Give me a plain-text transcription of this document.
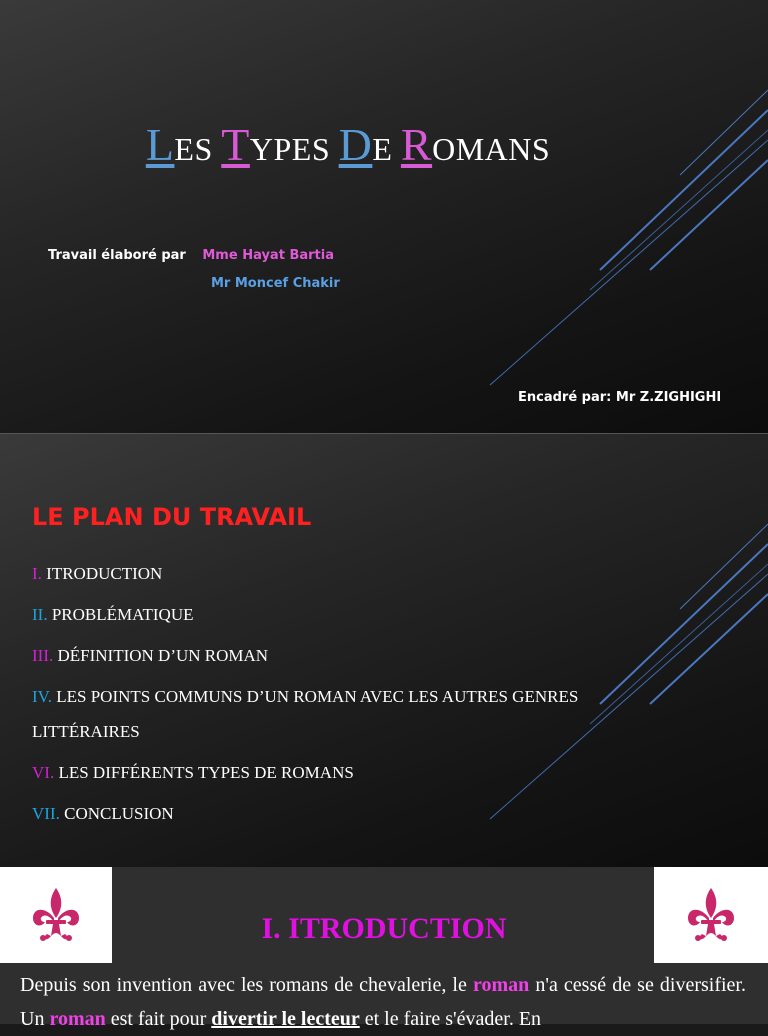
LES TYPES DE ROMANS
Travail élaboré par Mme Hayat Bartia
Mr Moncef Chakir
Encadré par: Mr Z.ZIGHIGHI
LE PLAN DU TRAVAIL
I. ITRODUCTION
II. PROBLÉMATIQUE
III. DÉFINITION D’UN ROMAN
IV. LES POINTS COMMUNS D’UN ROMAN AVEC LES AUTRES GENRES LITTÉRAIRES
VI. LES DIFFÉRENTS TYPES DE ROMANS
VII. CONCLUSION
I. ITRODUCTION
Depuis son invention avec les romans de chevalerie, le roman n'a cessé de se diversifier. Un roman est fait pour divertir le lecteur et le faire s'évader. En
